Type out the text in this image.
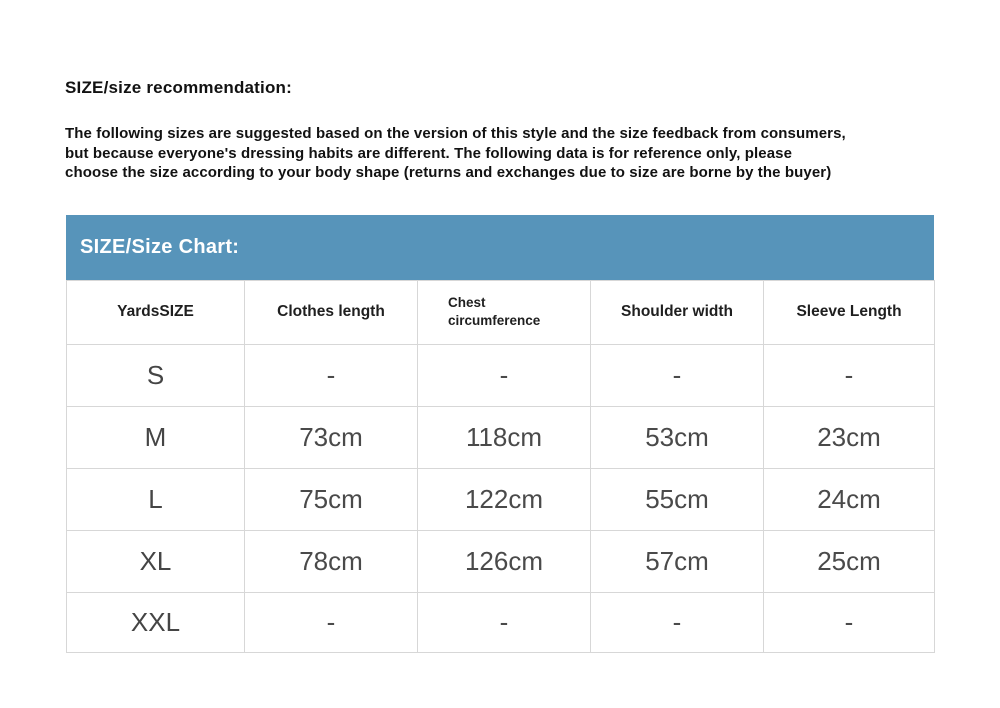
SIZE/size recommendation:
The following sizes are suggested based on the version of this style and the size feedback from consumers,
but because everyone's dressing habits are different. The following data is for reference only, please
choose the size according to your body shape (returns and exchanges due to size are borne by the buyer)
SIZE/Size Chart:
YardsSIZE	Clothes length	Chest circumference	Shoulder width	Sleeve Length
S	-	-	-	-
M	73cm	118cm	53cm	23cm
L	75cm	122cm	55cm	24cm
XL	78cm	126cm	57cm	25cm
XXL	-	-	-	-
